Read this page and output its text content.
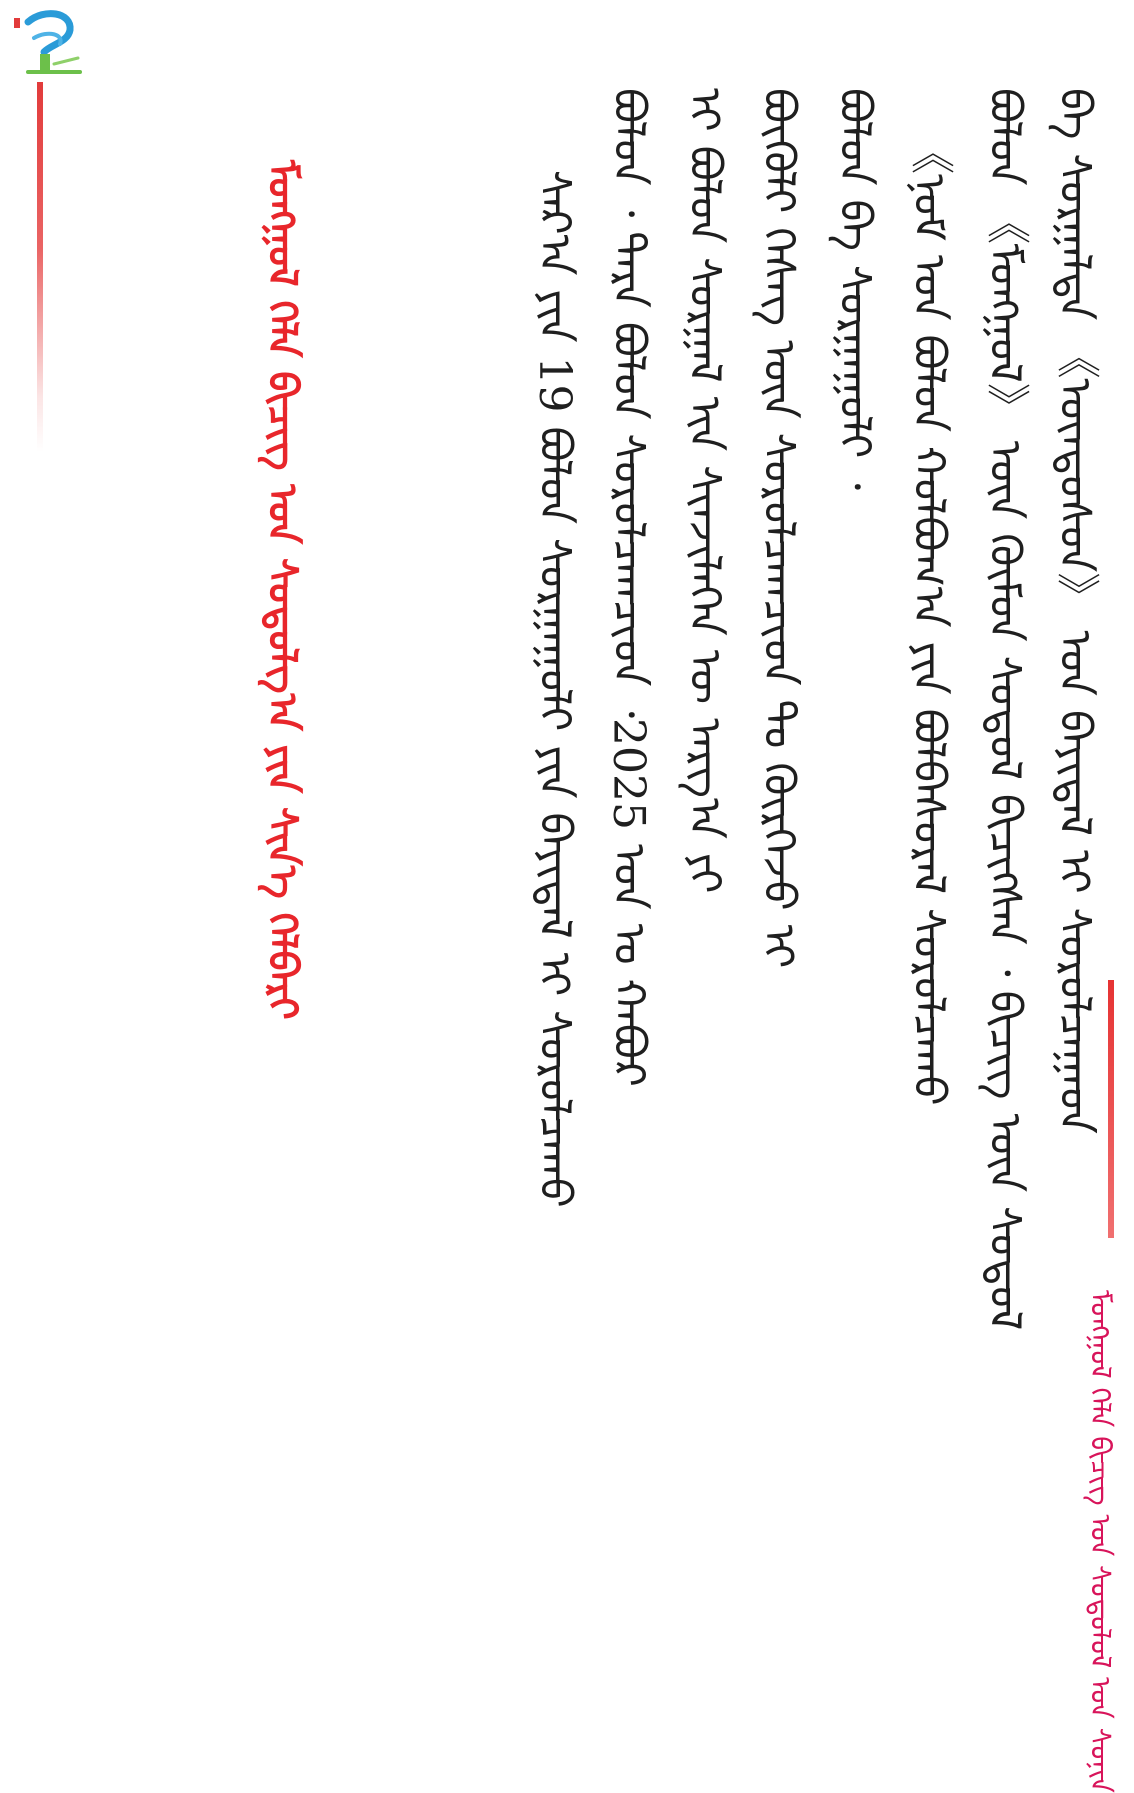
ᠮᠣᠩᠭᠣᠯ ᠬᠡᠯᠡ ᠪᠢᠴᠢᠭ ᠤᠨ ᠰᠤᠳᠤᠯᠭ᠎ᠠ ᠶᠢᠨ ᠰᠢᠨ᠎ᠡ ᠬᠡᠯᠪᠡᠷᠢ
ᠮᠣᠩᠭᠣᠯ ᠬᠡᠯᠡ ᠪᠢᠴᠢᠭ ᠤᠨ ᠰᠤᠳᠤᠯᠤᠯ ᠤᠨ ᠰᠣᠨᠢᠨ
ᠪᠠ ᠰᠤᠷᠭᠠᠯᠲᠠ 《ᠦᠨᠳᠦᠰᠦᠨ》 ᠤᠨ ᠪᠠᠶᠢᠳᠠᠯ ᠢ ᠰᠤᠷᠤᠯᠴᠠᠭᠠᠳ
ᠪᠣᠯᠤᠨ 《ᠮᠣᠩᠭᠣᠯ》 ᠦᠨ ᠬᠦᠮᠦᠨ ᠰᠤᠳᠤᠯ ᠪᠢᠴᠢᠭᠰᠡᠨ ᠂ ᠪᠢᠴᠢᠭ ᠦᠨ ᠰᠤᠳᠤᠯ
《ᠨᠣᠮ ᠤᠨ ᠪᠣᠯᠤᠨ ᠬᠣᠯᠪᠣᠭ᠎ᠠ ᠶᠢᠨ ᠪᠣᠯᠪᠠᠰᠤᠷᠠᠯ ᠰᠤᠷᠤᠯᠴᠠᠬᠤ
ᠪᠣᠯᠤᠨ ᠪᠠ ᠰᠤᠷᠭᠠᠭᠤᠯᠢ ᠂
ᠪᠦᠬᠦᠯᠢ ᠬᠡᠰᠡᠭ ᠦᠨ ᠰᠤᠷᠤᠯᠴᠠᠭᠴᠢᠳ ᠲᠤ ᠬᠦᠷᠭᠡᠵᠦ ᠢ
ᠢ ᠪᠣᠯᠤᠨ ᠰᠤᠷᠭᠠᠯ ᠢᠨ ᠰᠢᠨᠵᠢᠯᠡᠭᠡᠨ ᠦ ᠠᠷᠭ᠎ᠠ ᠶᠢ
ᠪᠣᠯᠤᠨ ᠂ ᠲᠡᠷᠡ ᠪᠣᠯᠤᠨ ᠰᠤᠷᠤᠯᠴᠠᠭᠴᠢᠳ ᠂2025 ᠣᠨ ᠤ ᠬᠠᠪᠤᠷ
ᠰᠠᠷ᠎ᠠ ᠶᠢᠨ 19 ᠪᠣᠯᠤᠨ ᠰᠤᠷᠭᠠᠭᠤᠯᠢ ᠶᠢᠨ ᠪᠠᠶᠢᠳᠠᠯ ᠢ ᠰᠤᠷᠤᠯᠴᠠᠬᠤ
